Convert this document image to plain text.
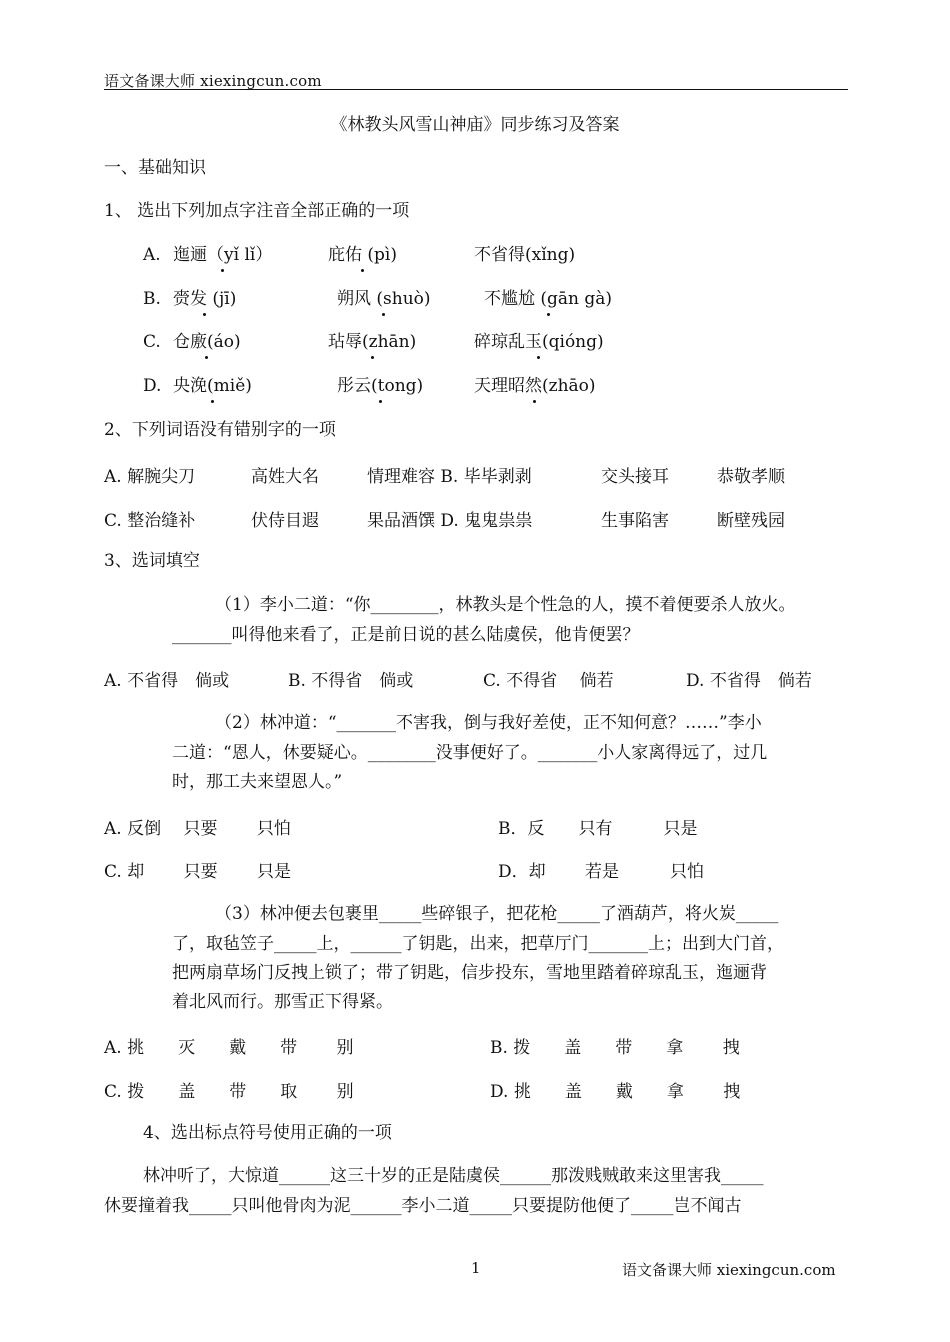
语文备课大师 xiexingcun.com
《林教头风雪山神庙》同步练习及答案
一、基础知识
1、 选出下列加点字注音全部正确的一项
A. 迤逦（yǐ lǐ）	庇佑 (pì)	不省得(xǐng)
B. 赍发 (jī)	朔风 (shuò)	不尴尬 (gān gà)
C. 仓廒(áo)	玷辱(zhān)	碎琼乱玉(qióng)
D. 央浼(miě)	彤云(tong)	天理昭然(zhāo)
2、下列词语没有错别字的一项
A. 解腕尖刀	高姓大名	情理难容 B. 毕毕剥剥	交头接耳	恭敬孝顺
C. 整治缝补	伏侍目遐	果品酒馔 D. 鬼鬼祟祟	生事陷害	断壁残园
3、选词填空
（1）李小二道：“你________，林教头是个性急的人，摸不着便要杀人放火。
_______叫得他来看了，正是前日说的甚么陆虞侯，他肯便罢？
A. 不省得　倘或	B. 不得省　倘或	C. 不得省　 倘若	D. 不省得　倘若
（2）林冲道：“_______不害我，倒与我好差使，正不知何意？……”李小
二道：“恩人，休要疑心。________没事便好了。_______小人家离得远了，过几
时，那工夫来望恩人。”
A. 反倒　 只要　　 只怕	B．反　　只有　　　只是
C. 却　　 只要　　 只是	D．却　　 若是　　　只怕
（3）林冲便去包裹里_____些碎银子，把花枪_____了酒葫芦，将火炭_____
了，取毡笠子_____上，______了钥匙，出来，把草厅门_______上；出到大门首，
把两扇草场门反拽上锁了；带了钥匙，信步投东，雪地里踏着碎琼乱玉，迤逦背
着北风而行。那雪正下得紧。
A. 挑　　灭　　戴　　带　　 别	B. 拨　　盖　　带　　拿　　 拽
C. 拨　　盖　　带　　取　　 别	D. 挑　　盖　　戴　　拿　　 拽
4、选出标点符号使用正确的一项
林冲听了，大惊道______这三十岁的正是陆虞侯______那泼贱贼敢来这里害我_____
休要撞着我_____只叫他骨肉为泥______李小二道_____只要提防他便了_____岂不闻古
1	语文备课大师 xiexingcun.com
